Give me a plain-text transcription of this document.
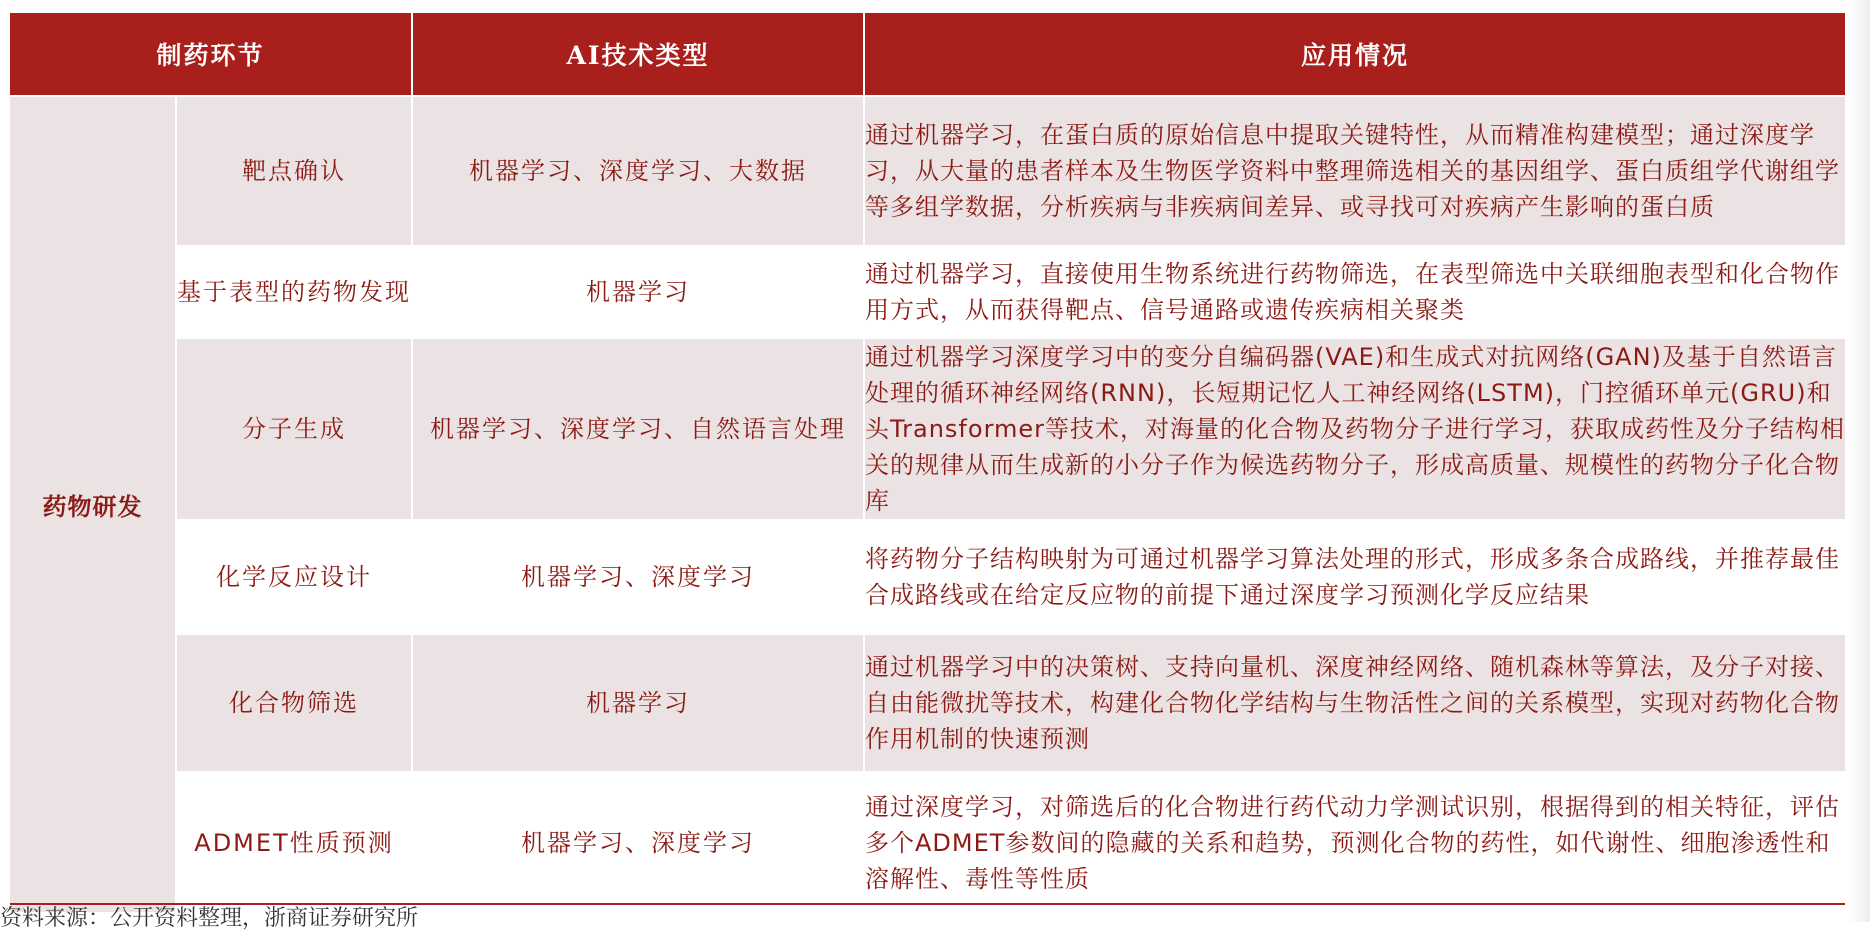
制药环节		AI技术类型	应用情况
药物研发	靶点确认	机器学习、深度学习、大数据	通过机器学习，在蛋白质的原始信息中提取关键特性，从而精准构建模型；通过深度学习，从大量的患者样本及生物医学资料中整理筛选相关的基因组学、蛋白质组学代谢组学等多组学数据，分析疾病与非疾病间差异、或寻找可对疾病产生影响的蛋白质
	基于表型的药物发现	机器学习	通过机器学习，直接使用生物系统进行药物筛选，在表型筛选中关联细胞表型和化合物作用方式，从而获得靶点、信号通路或遗传疾病相关聚类
	分子生成	机器学习、深度学习、自然语言处理	通过机器学习深度学习中的变分自编码器(VAE)和生成式对抗网络(GAN)及基于自然语言处理的循环神经网络(RNN)，长短期记忆人工神经网络(LSTM)，门控循环单元(GRU)和头Transformer等技术，对海量的化合物及药物分子进行学习，获取成药性及分子结构相关的规律从而生成新的小分子作为候选药物分子，形成高质量、规模性的药物分子化合物库
	化学反应设计	机器学习、深度学习	将药物分子结构映射为可通过机器学习算法处理的形式，形成多条合成路线，并推荐最佳合成路线或在给定反应物的前提下通过深度学习预测化学反应结果
	化合物筛选	机器学习	通过机器学习中的决策树、支持向量机、深度神经网络、随机森林等算法，及分子对接、自由能微扰等技术，构建化合物化学结构与生物活性之间的关系模型，实现对药物化合物作用机制的快速预测
	ADMET性质预测	机器学习、深度学习	通过深度学习，对筛选后的化合物进行药代动力学测试识别，根据得到的相关特征，评估多个ADMET参数间的隐藏的关系和趋势，预测化合物的药性，如代谢性、细胞渗透性和溶解性、毒性等性质
资料来源：公开资料整理，浙商证券研究所
